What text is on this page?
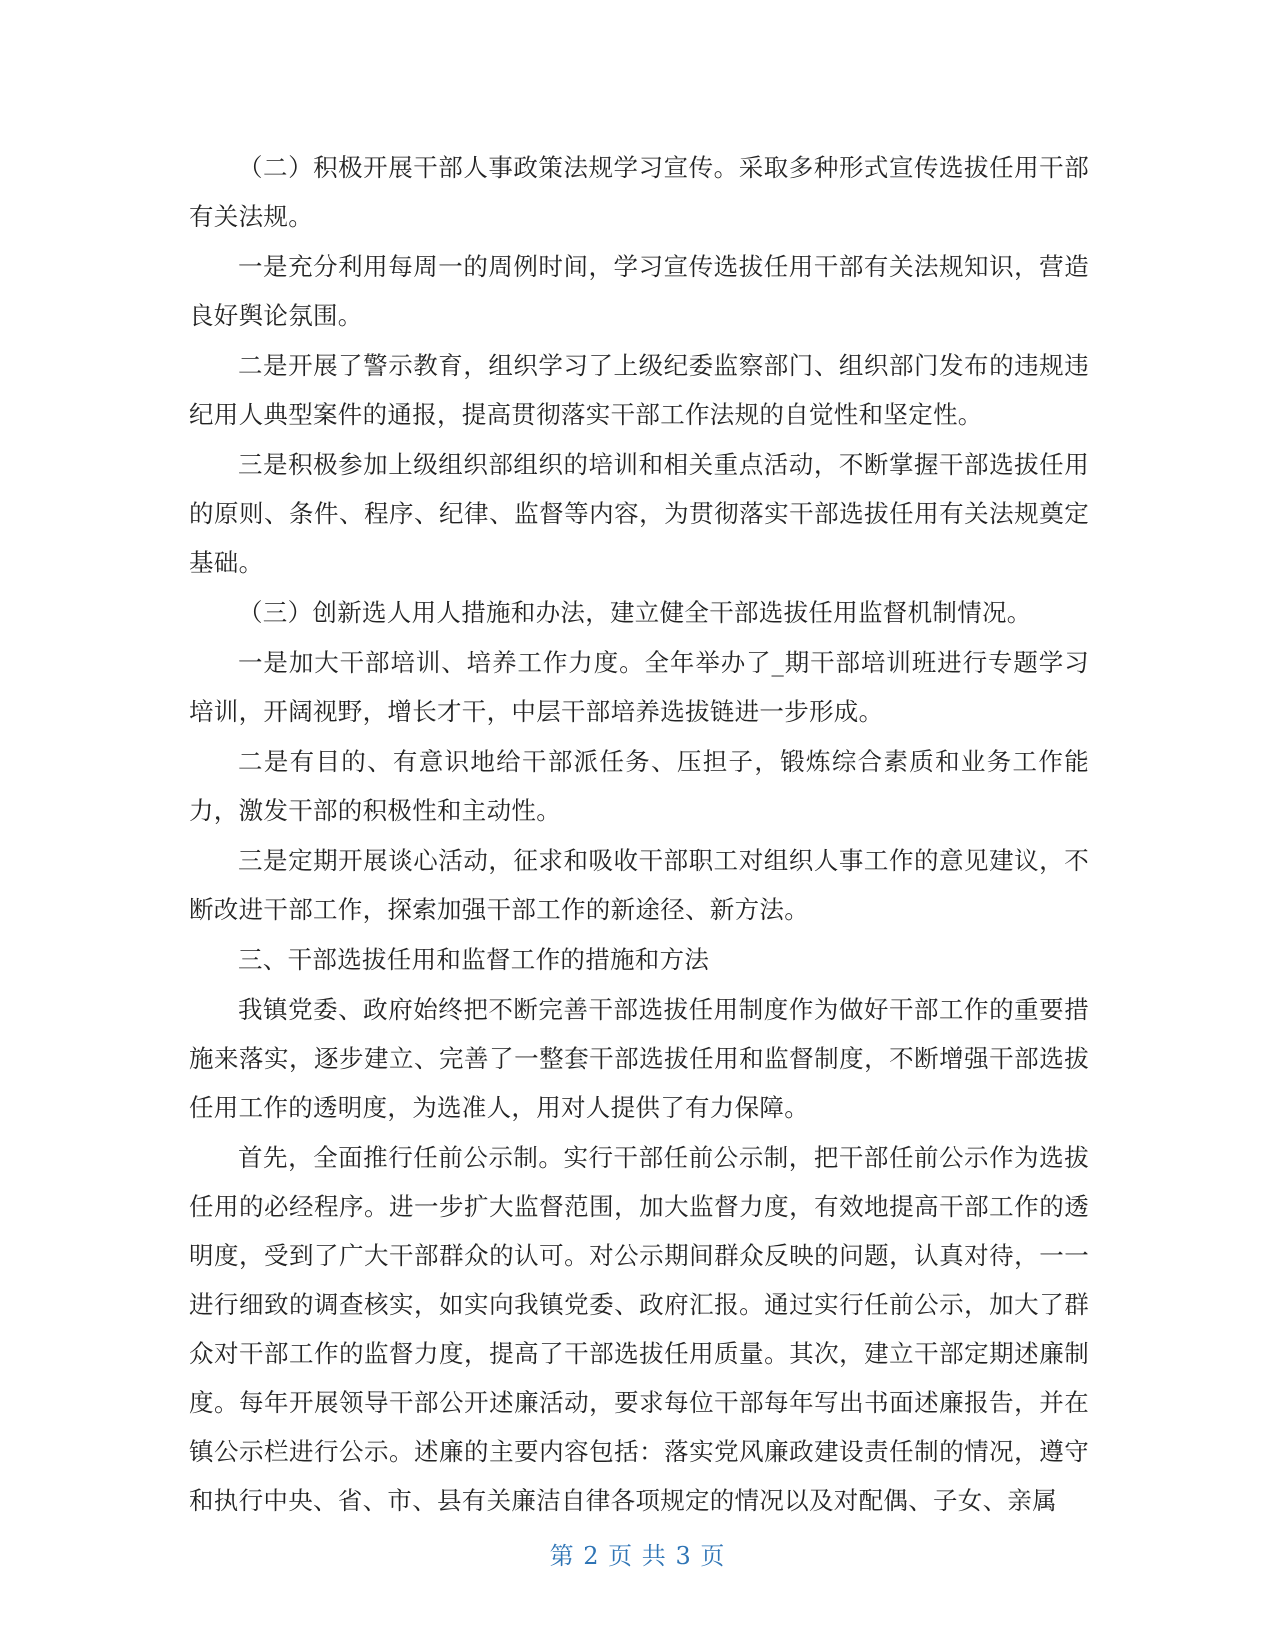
（二）积极开展干部人事政策法规学习宣传。采取多种形式宣传选拔任用干部有关法规。

一是充分利用每周一的周例时间，学习宣传选拔任用干部有关法规知识，营造良好舆论氛围。

二是开展了警示教育，组织学习了上级纪委监察部门、组织部门发布的违规违纪用人典型案件的通报，提高贯彻落实干部工作法规的自觉性和坚定性。

三是积极参加上级组织部组织的培训和相关重点活动，不断掌握干部选拔任用的原则、条件、程序、纪律、监督等内容，为贯彻落实干部选拔任用有关法规奠定基础。

（三）创新选人用人措施和办法，建立健全干部选拔任用监督机制情况。

一是加大干部培训、培养工作力度。全年举办了_期干部培训班进行专题学习培训，开阔视野，增长才干，中层干部培养选拔链进一步形成。

二是有目的、有意识地给干部派任务、压担子，锻炼综合素质和业务工作能力，激发干部的积极性和主动性。

三是定期开展谈心活动，征求和吸收干部职工对组织人事工作的意见建议，不断改进干部工作，探索加强干部工作的新途径、新方法。

三、干部选拔任用和监督工作的措施和方法

我镇党委、政府始终把不断完善干部选拔任用制度作为做好干部工作的重要措施来落实，逐步建立、完善了一整套干部选拔任用和监督制度，不断增强干部选拔任用工作的透明度，为选准人，用对人提供了有力保障。

首先，全面推行任前公示制。实行干部任前公示制，把干部任前公示作为选拔任用的必经程序。进一步扩大监督范围，加大监督力度，有效地提高干部工作的透明度，受到了广大干部群众的认可。对公示期间群众反映的问题，认真对待，一一进行细致的调查核实，如实向我镇党委、政府汇报。通过实行任前公示，加大了群众对干部工作的监督力度，提高了干部选拔任用质量。其次，建立干部定期述廉制度。每年开展领导干部公开述廉活动，要求每位干部每年写出书面述廉报告，并在镇公示栏进行公示。述廉的主要内容包括：落实党风廉政建设责任制的情况，遵守和执行中央、省、市、县有关廉洁自律各项规定的情况以及对配偶、子女、亲属

第 2 页 共 3 页
